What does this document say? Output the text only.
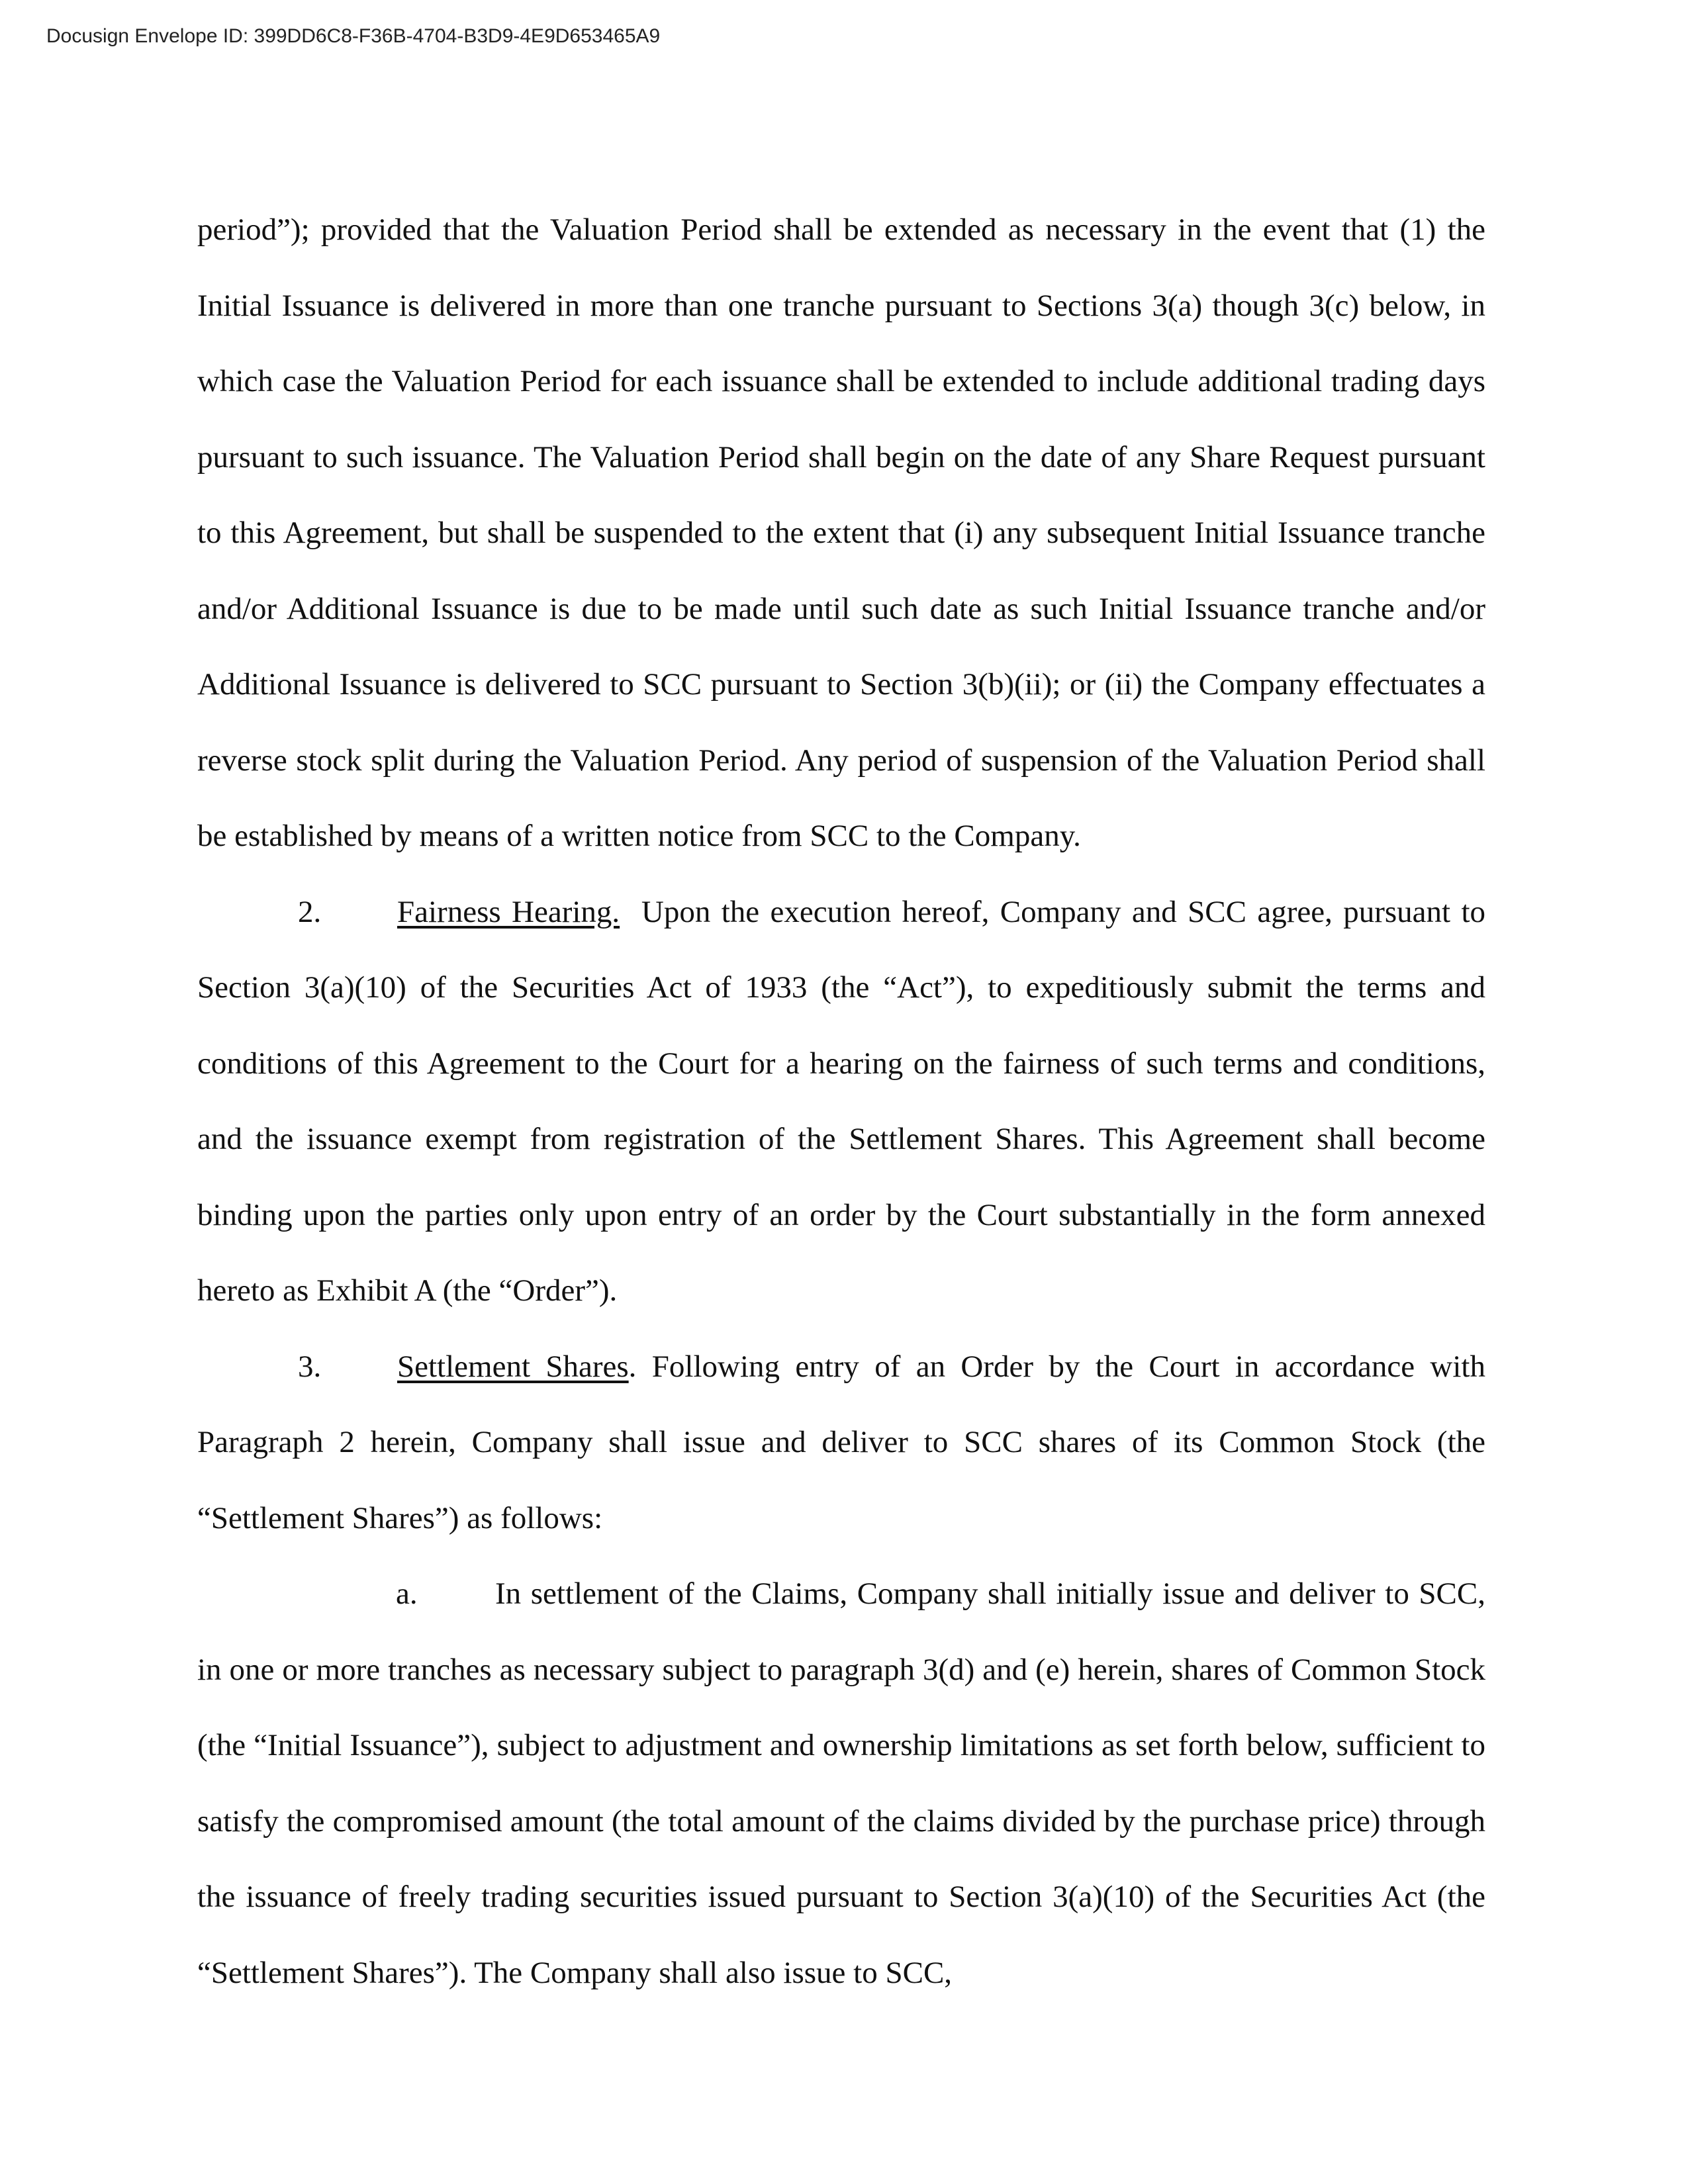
Docusign Envelope ID: 399DD6C8-F36B-4704-B3D9-4E9D653465A9

period”); provided that the Valuation Period shall be extended as necessary in the event that (1) the Initial Issuance is delivered in more than one tranche pursuant to Sections 3(a) though 3(c) below, in which case the Valuation Period for each issuance shall be extended to include additional trading days pursuant to such issuance. The Valuation Period shall begin on the date of any Share Request pursuant to this Agreement, but shall be suspended to the extent that (i) any subsequent Initial Issuance tranche and/or Additional Issuance is due to be made until such date as such Initial Issuance tranche and/or Additional Issuance is delivered to SCC pursuant to Section 3(b)(ii); or (ii) the Company effectuates a reverse stock split during the Valuation Period. Any period of suspension of the Valuation Period shall be established by means of a written notice from SCC to the Company.

2. Fairness Hearing. Upon the execution hereof, Company and SCC agree, pursuant to Section 3(a)(10) of the Securities Act of 1933 (the “Act”), to expeditiously submit the terms and conditions of this Agreement to the Court for a hearing on the fairness of such terms and conditions, and the issuance exempt from registration of the Settlement Shares. This Agreement shall become binding upon the parties only upon entry of an order by the Court substantially in the form annexed hereto as Exhibit A (the “Order”).

3. Settlement Shares. Following entry of an Order by the Court in accordance with Paragraph 2 herein, Company shall issue and deliver to SCC shares of its Common Stock (the “Settlement Shares”) as follows:

a. In settlement of the Claims, Company shall initially issue and deliver to SCC, in one or more tranches as necessary subject to paragraph 3(d) and (e) herein, shares of Common Stock (the “Initial Issuance”), subject to adjustment and ownership limitations as set forth below, sufficient to satisfy the compromised amount (the total amount of the claims divided by the purchase price) through the issuance of freely trading securities issued pursuant to Section 3(a)(10) of the Securities Act (the “Settlement Shares”). The Company shall also issue to SCC,
